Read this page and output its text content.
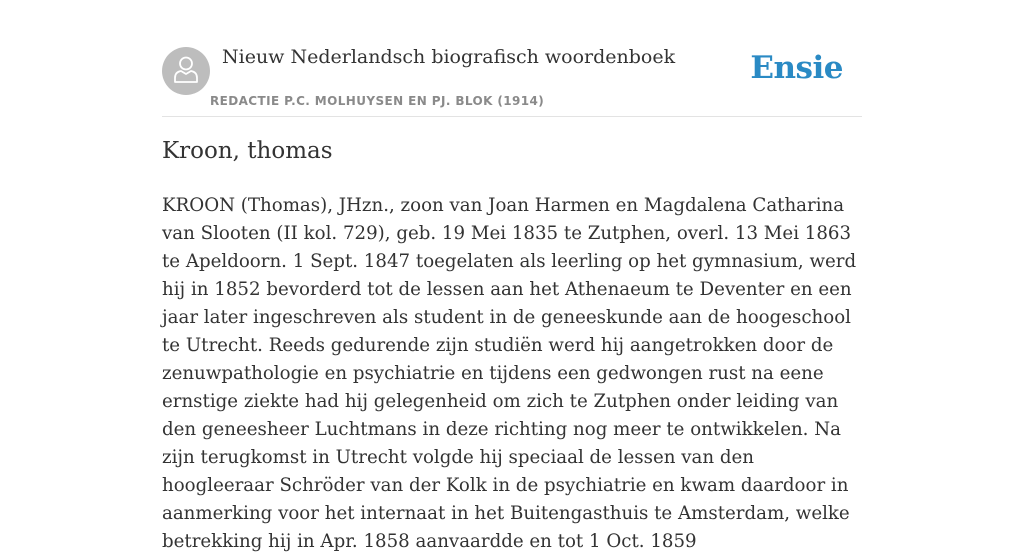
Nieuw Nederlandsch biografisch woordenboek
REDACTIE P.C. MOLHUYSEN EN PJ. BLOK (1914)
Ensie
Kroon, thomas

KROON (Thomas), JHzn., zoon van Joan Harmen en Magdalena Catharina van Slooten (II kol. 729), geb. 19 Mei 1835 te Zutphen, overl. 13 Mei 1863 te Apeldoorn. 1 Sept. 1847 toegelaten als leerling op het gymnasium, werd hij in 1852 bevorderd tot de lessen aan het Athenaeum te Deventer en een jaar later ingeschreven als student in de geneeskunde aan de hoogeschool te Utrecht. Reeds gedurende zijn studiën werd hij aangetrokken door de zenuwpathologie en psychiatrie en tijdens een gedwongen rust na eene ernstige ziekte had hij gelegenheid om zich te Zutphen onder leiding van den geneesheer Luchtmans in deze richting nog meer te ontwikkelen. Na zijn terugkomst in Utrecht volgde hij speciaal de lessen van den hoogleeraar Schröder van der Kolk in de psychiatrie en kwam daardoor in aanmerking voor het internaat in het Buitengasthuis te Amsterdam, welke betrekking hij in Apr. 1858 aanvaardde en tot 1 Oct. 1859
